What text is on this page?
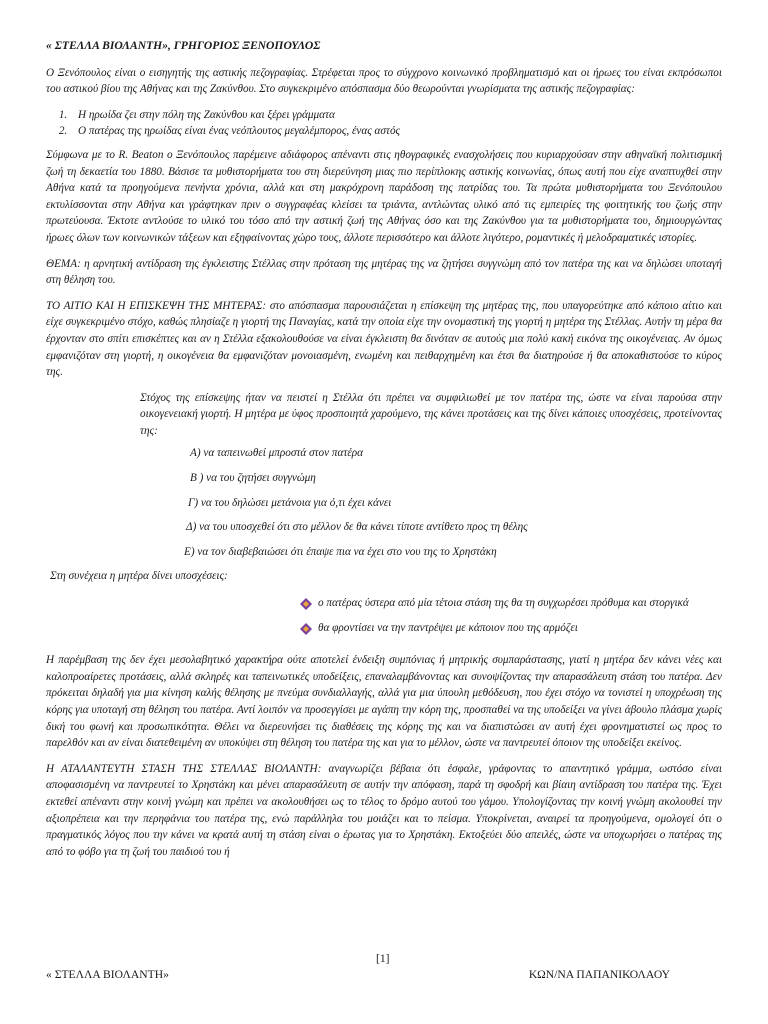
« ΣΤΕΛΛΑ ΒΙΟΛΑΝΤΗ», ΓΡΗΓΟΡΙΟΣ ΞΕΝΟΠΟΥΛΟΣ

Ο Ξενόπουλος είναι ο εισηγητής της αστικής πεζογραφίας. Στρέφεται προς το σύγχρονο κοινωνικό προβληματισμό και οι ήρωες του είναι εκπρόσωποι του αστικού βίου της Αθήνας και της Ζακύνθου. Στο συγκεκριμένο απόσπασμα δύο θεωρούνται γνωρίσματα της αστικής πεζογραφίας:

1. Η ηρωίδα ζει στην πόλη της Ζακύνθου και ξέρει γράμματα
2. Ο πατέρας της ηρωίδας είναι ένας νεόπλουτος μεγαλέμπορος, ένας αστός

Σύμφωνα με το R. Beaton ο Ξενόπουλος παρέμεινε αδιάφορος απέναντι στις ηθογραφικές ενασχολήσεις που κυριαρχούσαν στην αθηναϊκή πολιτισμική ζωή τη δεκαετία του 1880. Βάσισε τα μυθιστορήματα του στη διερεύνηση μιας πιο περίπλοκης αστικής κοινωνίας, όπως αυτή που είχε αναπτυχθεί στην Αθήνα κατά τα προηγούμενα πενήντα χρόνια, αλλά και στη μακρόχρονη παράδοση της πατρίδας του. Τα πρώτα μυθιστορήματα του Ξενόπουλου εκτυλίσσονται στην Αθήνα και γράφτηκαν πριν ο συγγραφέας κλείσει τα τριάντα, αντλώντας υλικό από τις εμπειρίες της φοιτητικής του ζωής στην πρωτεύουσα. Έκτοτε αντλούσε το υλικό του τόσο από την αστική ζωή της Αθήνας όσο και της Ζακύνθου για τα μυθιστορήματα του, δημιουργώντας ήρωες όλων των κοινωνικών τάξεων και εξηφαίνοντας χώρο τους, άλλοτε περισσότερο και άλλοτε λιγότερο, ρομαντικές ή μελοδραματικές ιστορίες.

ΘΕΜΑ: η αρνητική αντίδραση της έγκλειστης Στέλλας στην πρόταση της μητέρας της να ζητήσει συγγνώμη από τον πατέρα της και να δηλώσει υποταγή στη θέληση του.

ΤΟ ΑΙΤΙΟ ΚΑΙ Η ΕΠΙΣΚΕΨΗ ΤΗΣ ΜΗΤΕΡΑΣ: στο απόσπασμα παρουσιάζεται η επίσκεψη της μητέρας της, που υπαγορεύτηκε από κάποιο αίτιο και είχε συγκεκριμένο στόχο, καθώς πλησίαζε η γιορτή της Παναγίας, κατά την οποία είχε την ονομαστική της γιορτή η μητέρα της Στέλλας. Αυτήν τη μέρα θα έρχονταν στο σπίτι επισκέπτες και αν η Στέλλα εξακολουθούσε να είναι έγκλειστη θα δινόταν σε αυτούς μια πολύ κακή εικόνα της οικογένειας. Αν όμως εμφανιζόταν στη γιορτή, η οικογένεια θα εμφανιζόταν μονοιασμένη, ενωμένη και πειθαρχημένη και έτσι θα διατηρούσε ή θα αποκαθιστούσε το κύρος της.

Στόχος της επίσκεψης ήταν να πειστεί η Στέλλα ότι πρέπει να συμφιλιωθεί με τον πατέρα της, ώστε να είναι παρούσα στην οικογενειακή γιορτή. Η μητέρα με ύφος προσποιητά χαρούμενο, της κάνει προτάσεις και της δίνει κάποιες υποσχέσεις, προτείνοντας της:

Α) να ταπεινωθεί μπροστά στον πατέρα
Β ) να του ζητήσει συγγνώμη
Γ) να του δηλώσει μετάνοια για ό,τι έχει κάνει
Δ) να του υποσχεθεί ότι στο μέλλον δε θα κάνει τίποτε αντίθετο προς τη θέλης
Ε) να τον διαβεβαιώσει ότι έπαψε πια να έχει στο νου της το Χρηστάκη

Στη συνέχεια η μητέρα δίνει υποσχέσεις:

ο πατέρας ύστερα από μία τέτοια στάση της θα τη συγχωρέσει πρόθυμα και στοργικά
θα φροντίσει να την παντρέψει με κάποιον που της αρμόζει

Η παρέμβαση της δεν έχει μεσολαβητικό χαρακτήρα ούτε αποτελεί ένδειξη συμπόνιας ή μητρικής συμπαράστασης, γιατί η μητέρα δεν κάνει νέες και καλοπροαίρετες προτάσεις, αλλά σκληρές και ταπεινωτικές υποδείξεις, επαναλαμβάνοντας και συνοψίζοντας την απαρασάλευτη στάση του πατέρα. Δεν πρόκειται δηλαδή για μια κίνηση καλής θέλησης με πνεύμα συνδιαλλαγής, αλλά για μια ύπουλη μεθόδευση, που έχει στόχο να τονιστεί η υποχρέωση της κόρης για υποταγή στη θέληση του πατέρα. Αντί λοιπόν να προσεγγίσει με αγάπη την κόρη της, προσπαθεί να της υποδείξει να γίνει άβουλο πλάσμα χωρίς δική του φωνή και προσωπικότητα. Θέλει να διερευνήσει τις διαθέσεις της κόρης της και να διαπιστώσει αν αυτή έχει φρονηματιστεί ως προς το παρελθόν και αν είναι διατεθειμένη αν υποκύψει στη θέληση του πατέρα της και για το μέλλον, ώστε να παντρευτεί όποιον της υποδείξει εκείνος.

Η ΑΤΑΛΑΝΤΕΥΤΗ ΣΤΑΣΗ ΤΗΣ ΣΤΕΛΛΑΣ ΒΙΟΛΑΝΤΗ: αναγνωρίζει βέβαια ότι έσφαλε, γράφοντας το απαντητικό γράμμα, ωστόσο είναι αποφασισμένη να παντρευτεί το Χρηστάκη και μένει απαρασάλευτη σε αυτήν την απόφαση, παρά τη σφοδρή και βίαιη αντίδραση του πατέρα της. Έχει εκτεθεί απέναντι στην κοινή γνώμη και πρέπει να ακολουθήσει ως το τέλος το δρόμο αυτού του γάμου. Υπολογίζοντας την κοινή γνώμη ακολουθεί την αξιοπρέπεια και την περηφάνια του πατέρα της, ενώ παράλληλα του μοιάζει και το πείσμα. Υποκρίνεται, αναιρεί τα προηγούμενα, ομολογεί ότι ο πραγματικός λόγος που την κάνει να κρατά αυτή τη στάση είναι ο έρωτας για το Χρηστάκη. Εκτοξεύει δύο απειλές, ώστε να υποχωρήσει ο πατέρας της από το φόβο για τη ζωή του παιδιού του ή

[1]
« ΣΤΕΛΛΑ ΒΙΟΛΑΝΤΗ»	ΚΩΝ/ΝΑ ΠΑΠΑΝΙΚΟΛΑΟΥ
